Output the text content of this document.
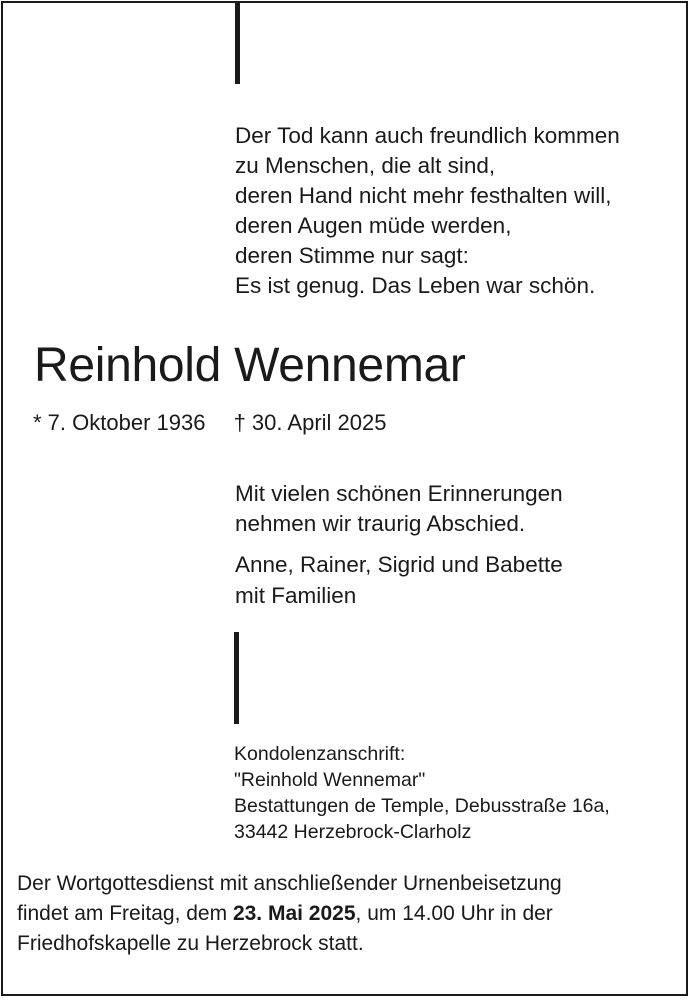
Der Tod kann auch freundlich kommen
zu Menschen, die alt sind,
deren Hand nicht mehr festhalten will,
deren Augen müde werden,
deren Stimme nur sagt:
Es ist genug. Das Leben war schön.
Reinhold Wennemar
* 7. Oktober 1936 † 30. April 2025
Mit vielen schönen Erinnerungen
nehmen wir traurig Abschied.
Anne, Rainer, Sigrid und Babette
mit Familien
Kondolenzanschrift:
"Reinhold Wennemar"
Bestattungen de Temple, Debusstraße 16a,
33442 Herzebrock-Clarholz
Der Wortgottesdienst mit anschließender Urnenbeisetzung
findet am Freitag, dem 23. Mai 2025, um 14.00 Uhr in der
Friedhofskapelle zu Herzebrock statt.
